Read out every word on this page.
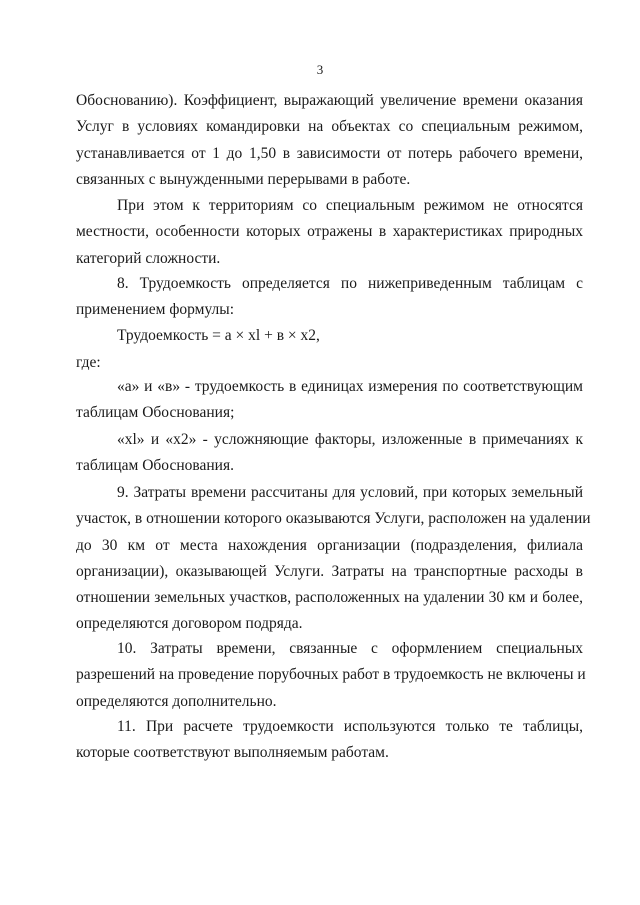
3

Обоснованию). Коэффициент, выражающий увеличение времени оказания
Услуг в условиях командировки на объектах со специальным режимом,
устанавливается от 1 до 1,50 в зависимости от потерь рабочего времени,
связанных с вынужденными перерывами в работе.

При этом к территориям со специальным режимом не относятся
местности, особенности которых отражены в характеристиках природных
категорий сложности.

8. Трудоемкость определяется по нижеприведенным таблицам с
применением формулы:

Трудоемкость = а × xl + в × x2,

где:

«а» и «в» - трудоемкость в единицах измерения по соответствующим
таблицам Обоснования;

«xl» и «x2» - усложняющие факторы, изложенные в примечаниях к
таблицам Обоснования.

9. Затраты времени рассчитаны для условий, при которых земельный
участок, в отношении которого оказываются Услуги, расположен на удалении
до 30 км от места нахождения организации (подразделения, филиала
организации), оказывающей Услуги. Затраты на транспортные расходы в
отношении земельных участков, расположенных на удалении 30 км и более,
определяются договором подряда.

10. Затраты времени, связанные с оформлением специальных
разрешений на проведение порубочных работ в трудоемкость не включены и
определяются дополнительно.

11. При расчете трудоемкости используются только те таблицы,
которые соответствуют выполняемым работам.
